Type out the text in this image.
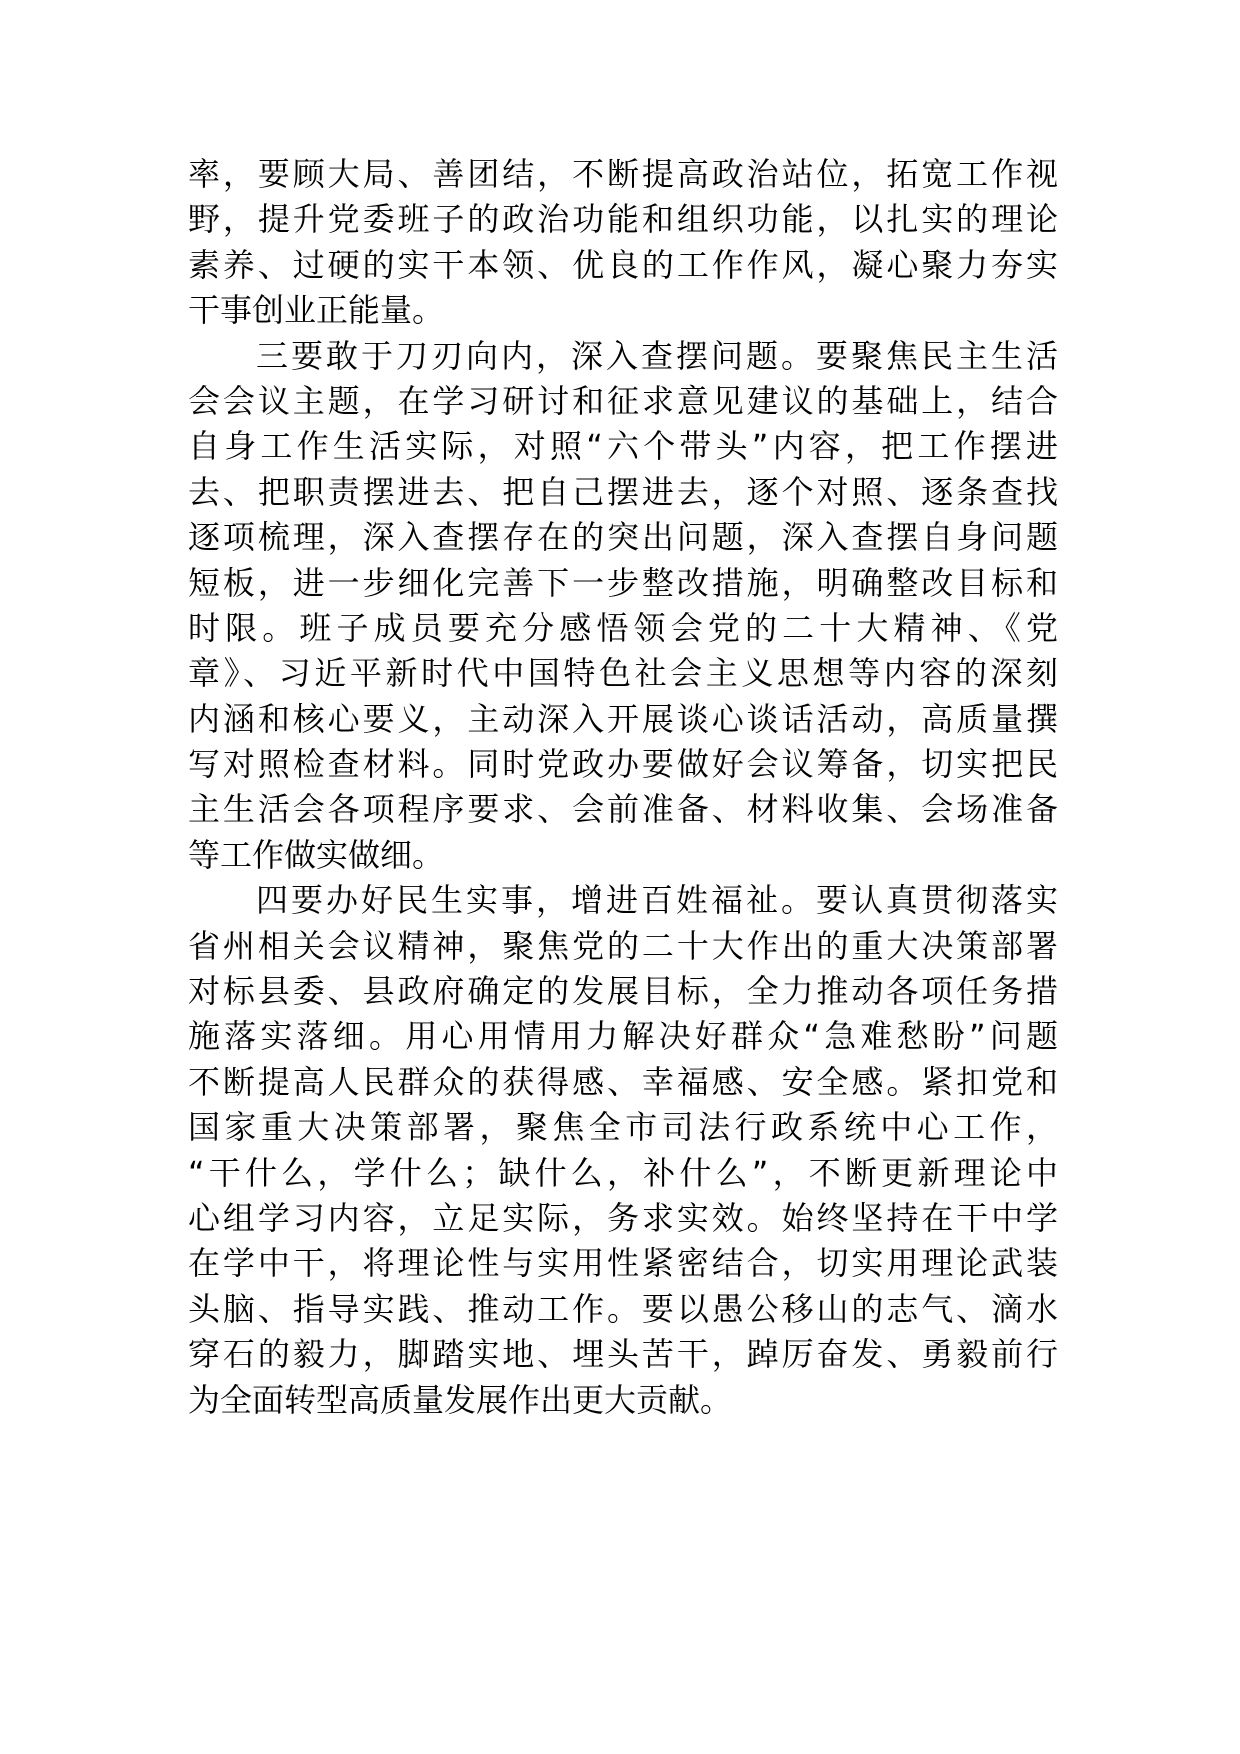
率，要顾大局、善团结，不断提高政治站位，拓宽工作视
野，提升党委班子的政治功能和组织功能，以扎实的理论
素养、过硬的实干本领、优良的工作作风，凝心聚力夯实
干事创业正能量。
三要敢于刀刃向内，深入查摆问题。要聚焦民主生活
会会议主题，在学习研讨和征求意见建议的基础上，结合
自身工作生活实际，对照“六个带头”内容，把工作摆进
去、把职责摆进去、把自己摆进去，逐个对照、逐条查找
逐项梳理，深入查摆存在的突出问题，深入查摆自身问题
短板，进一步细化完善下一步整改措施，明确整改目标和
时限。班子成员要充分感悟领会党的二十大精神、《党
章》、习近平新时代中国特色社会主义思想等内容的深刻
内涵和核心要义，主动深入开展谈心谈话活动，高质量撰
写对照检查材料。同时党政办要做好会议筹备，切实把民
主生活会各项程序要求、会前准备、材料收集、会场准备
等工作做实做细。
四要办好民生实事，增进百姓福祉。要认真贯彻落实
省州相关会议精神，聚焦党的二十大作出的重大决策部署
对标县委、县政府确定的发展目标，全力推动各项任务措
施落实落细。用心用情用力解决好群众“急难愁盼”问题
不断提高人民群众的获得感、幸福感、安全感。紧扣党和
国家重大决策部署，聚焦全市司法行政系统中心工作，
“干什么，学什么；缺什么，补什么”，不断更新理论中
心组学习内容，立足实际，务求实效。始终坚持在干中学
在学中干，将理论性与实用性紧密结合，切实用理论武装
头脑、指导实践、推动工作。要以愚公移山的志气、滴水
穿石的毅力，脚踏实地、埋头苦干，踔厉奋发、勇毅前行
为全面转型高质量发展作出更大贡献。
